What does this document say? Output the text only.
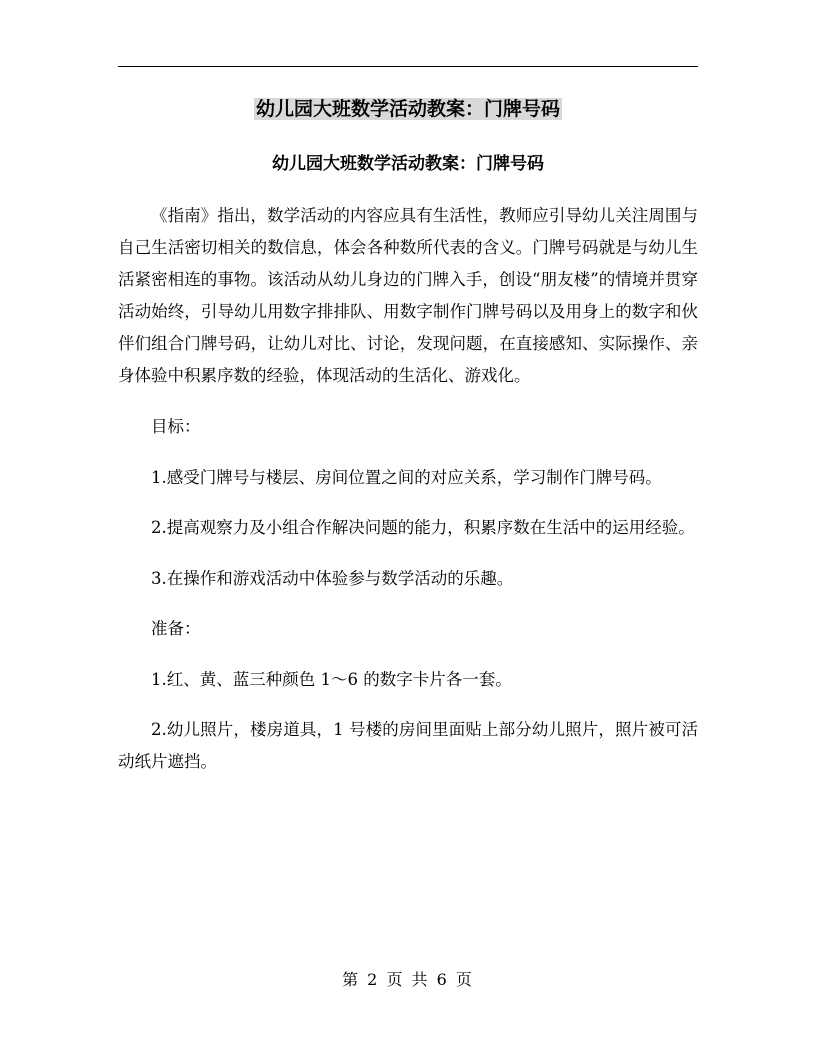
幼儿园大班数学活动教案：门牌号码
幼儿园大班数学活动教案：门牌号码

《指南》指出，数学活动的内容应具有生活性，教师应引导幼儿关注周围与自己生活密切相关的数信息，体会各种数所代表的含义。门牌号码就是与幼儿生活紧密相连的事物。该活动从幼儿身边的门牌入手，创设“朋友楼”的情境并贯穿活动始终，引导幼儿用数字排排队、用数字制作门牌号码以及用身上的数字和伙伴们组合门牌号码，让幼儿对比、讨论，发现问题，在直接感知、实际操作、亲身体验中积累序数的经验，体现活动的生活化、游戏化。

目标：

1.感受门牌号与楼层、房间位置之间的对应关系，学习制作门牌号码。

2.提高观察力及小组合作解决问题的能力，积累序数在生活中的运用经验。

3.在操作和游戏活动中体验参与数学活动的乐趣。

准备：

1.红、黄、蓝三种颜色 1～6 的数字卡片各一套。

2.幼儿照片，楼房道具，1 号楼的房间里面贴上部分幼儿照片，照片被可活动纸片遮挡。

第 2 页 共 6 页
